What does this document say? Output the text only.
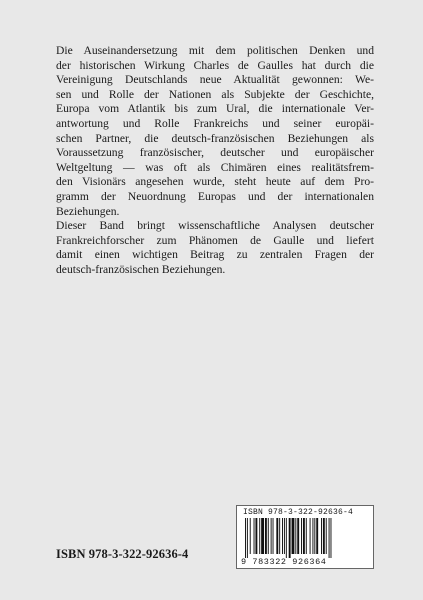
Die Auseinandersetzung mit dem politischen Denken und
der historischen Wirkung Charles de Gaulles hat durch die
Vereinigung Deutschlands neue Aktualität gewonnen: We-
sen und Rolle der Nationen als Subjekte der Geschichte,
Europa vom Atlantik bis zum Ural, die internationale Ver-
antwortung und Rolle Frankreichs und seiner europäi-
schen Partner, die deutsch-französischen Beziehungen als
Voraussetzung französischer, deutscher und europäischer
Weltgeltung — was oft als Chimären eines realitätsfrem-
den Visionärs angesehen wurde, steht heute auf dem Pro-
gramm der Neuordnung Europas und der internationalen
Beziehungen.
Dieser Band bringt wissenschaftliche Analysen deutscher
Frankreichforscher zum Phänomen de Gaulle und liefert
damit einen wichtigen Beitrag zu zentralen Fragen der
deutsch-französischen Beziehungen.
ISBN 978-3-322-92636-4
9 783322 926364
ISBN 978-3-322-92636-4
